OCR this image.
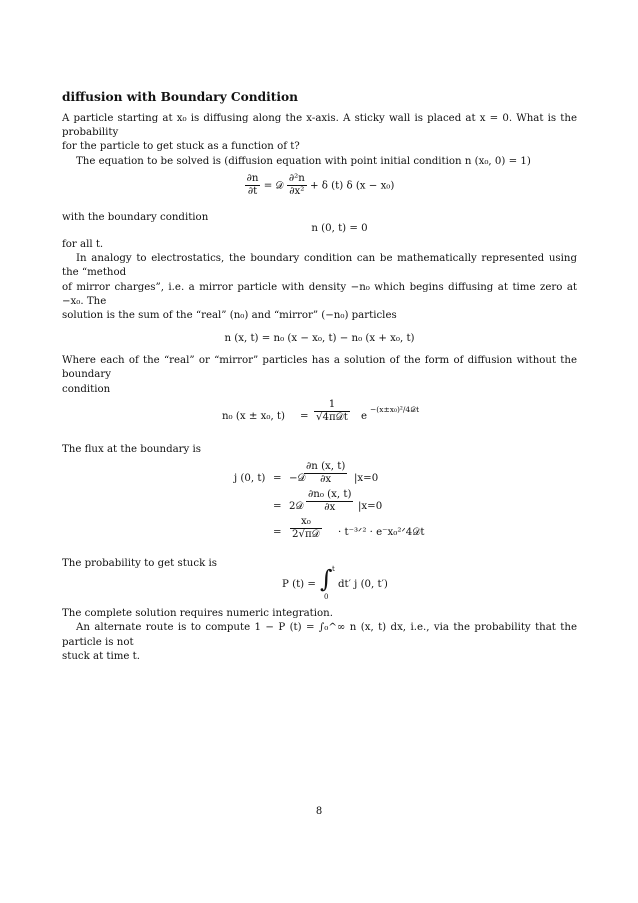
diffusion with Boundary Condition

A particle starting at x₀ is diffusing along the x-axis. A sticky wall is placed at x = 0. What is the probability
for the particle to get stuck as a function of t?

The equation to be solved is (diffusion equation with point initial condition n (x₀, 0) = 1)

$\frac{\partial n}{\partial t}$ = 𝒟 $\frac{\text{∂²n}}{\text{∂x²}} + \delta$ (t) δ (x − x₀)

with the boundary condition

n (0, t) = 0

for all t.

In analogy to electrostatics, the boundary condition can be mathematically represented using the “method
of mirror charges”, i.e. a mirror particle with density −n₀ which begins diffusing at time zero at −x₀. The
solution is the sum of the “real” (n₀) and “mirror” (−n₀) particles

n (x, t) = n₀ (x − x₀, t) − n₀ (x + x₀, t)

Where each of the “real” or “mirror” particles has a solution of the form of diffusion without the boundary
condition

n₀ (x ± x₀, t) =
1
√4π𝒟t e
−(x±x₀)²/4𝒟t

The flux at the boundary is

j (0, t) = −𝒟
$\frac{\partial n (x, t)}{\partial x} |x=0$
= 2𝒟 $\frac{\text{∂n₀ (x, t)}}{\partial x} |x=0$
=
x₀
2√π𝒟 · t⁻³ᐟ² · e⁻x₀²ᐟ4𝒟t

The probability to get stuck is

P (t) = ∫ t
0
dt′ j (0, t′)

The complete solution requires numeric integration.

An alternate route is to compute 1 − P (t) = ∫₀^∞ n (x, t) dx, i.e., via the probability that the particle is not
stuck at time t.

8
